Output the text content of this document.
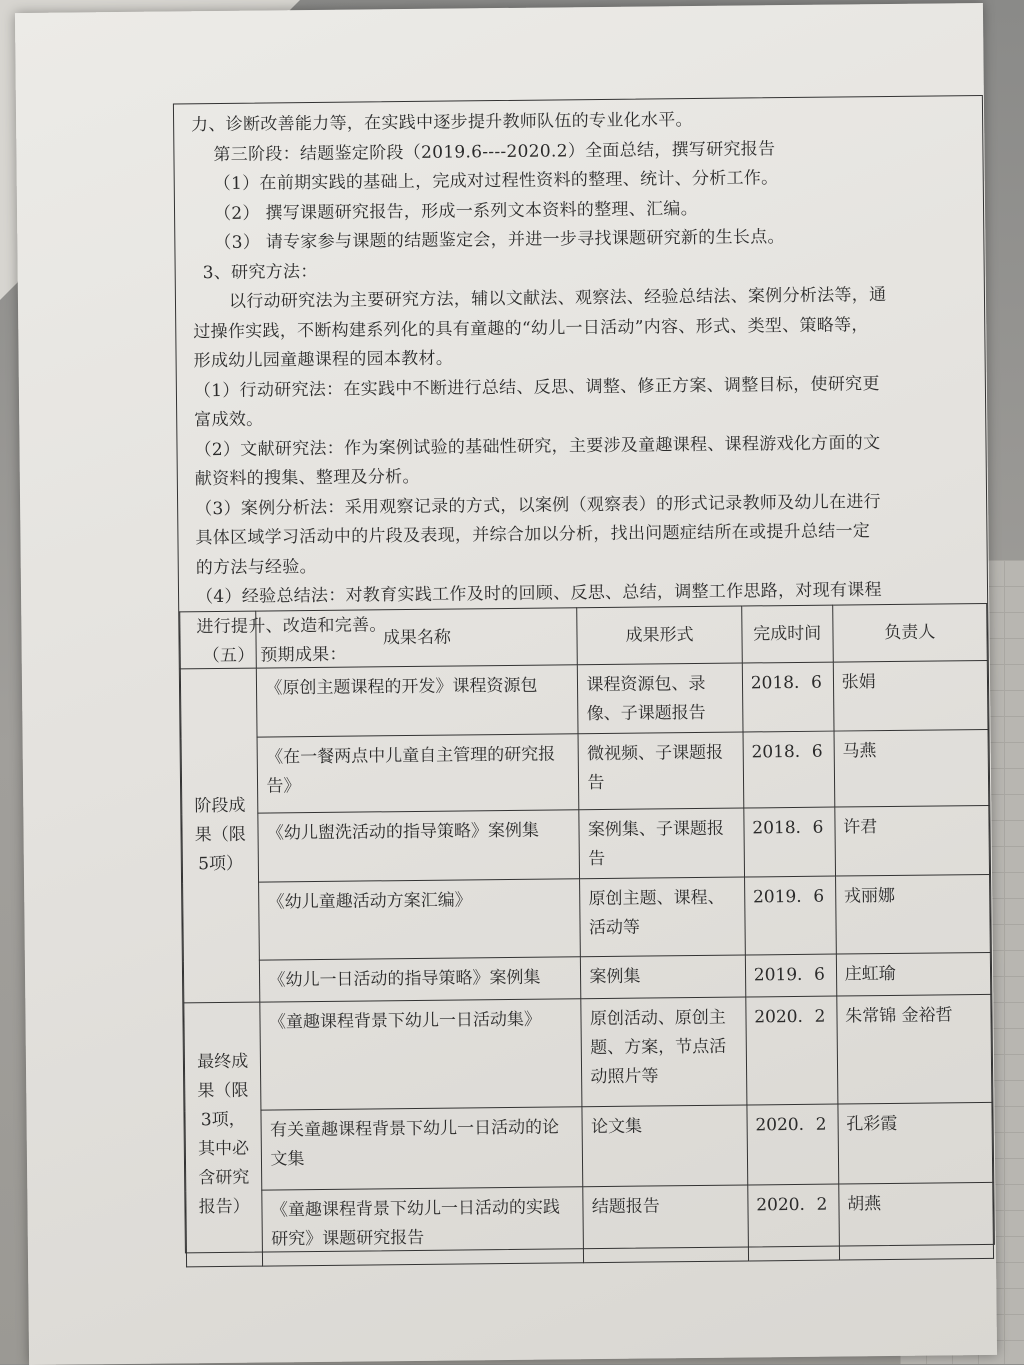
力、诊断改善能力等，在实践中逐步提升教师队伍的专业化水平。

第三阶段：结题鉴定阶段（2019.6----2020.2）全面总结，撰写研究报告

（1）在前期实践的基础上，完成对过程性资料的整理、统计、分析工作。

（2） 撰写课题研究报告，形成一系列文本资料的整理、汇编。

（3） 请专家参与课题的结题鉴定会，并进一步寻找课题研究新的生长点。

3、研究方法：

以行动研究法为主要研究方法，辅以文献法、观察法、经验总结法、案例分析法等，通

过操作实践，不断构建系列化的具有童趣的“幼儿一日活动”内容、形式、类型、策略等，

形成幼儿园童趣课程的园本教材。

（1）行动研究法：在实践中不断进行总结、反思、调整、修正方案、调整目标，使研究更

富成效。

（2）文献研究法：作为案例试验的基础性研究，主要涉及童趣课程、课程游戏化方面的文

献资料的搜集、整理及分析。

（3）案例分析法：采用观察记录的方式，以案例（观察表）的形式记录教师及幼儿在进行

具体区域学习活动中的片段及表现，并综合加以分析，找出问题症结所在或提升总结一定

的方法与经验。

（4）经验总结法：对教育实践工作及时的回顾、反思、总结，调整工作思路，对现有课程

进行提升、改造和完善。

（五） 预期成果：

	成果名称	成果形式	完成时间	负责人
阶段成果（限5项）	《原创主题课程的开发》课程资源包	课程资源包、录像、子课题报告	2018．6	张娟
	《在一餐两点中儿童自主管理的研究报告》	微视频、子课题报告	2018．6	马燕
	《幼儿盥洗活动的指导策略》案例集	案例集、子课题报告	2018．6	许君
	《幼儿童趣活动方案汇编》	原创主题、课程、活动等	2019．6	戎丽娜
	《幼儿一日活动的指导策略》案例集	案例集	2019．6	庄虹瑜
最终成果（限3项，其中必含研究报告）	《童趣课程背景下幼儿一日活动集》	原创活动、原创主题、方案，节点活动照片等	2020．2	朱常锦 金裕哲
	有关童趣课程背景下幼儿一日活动的论文集	论文集	2020．2	孔彩霞
	《童趣课程背景下幼儿一日活动的实践研究》课题研究报告	结题报告	2020．2	胡燕
